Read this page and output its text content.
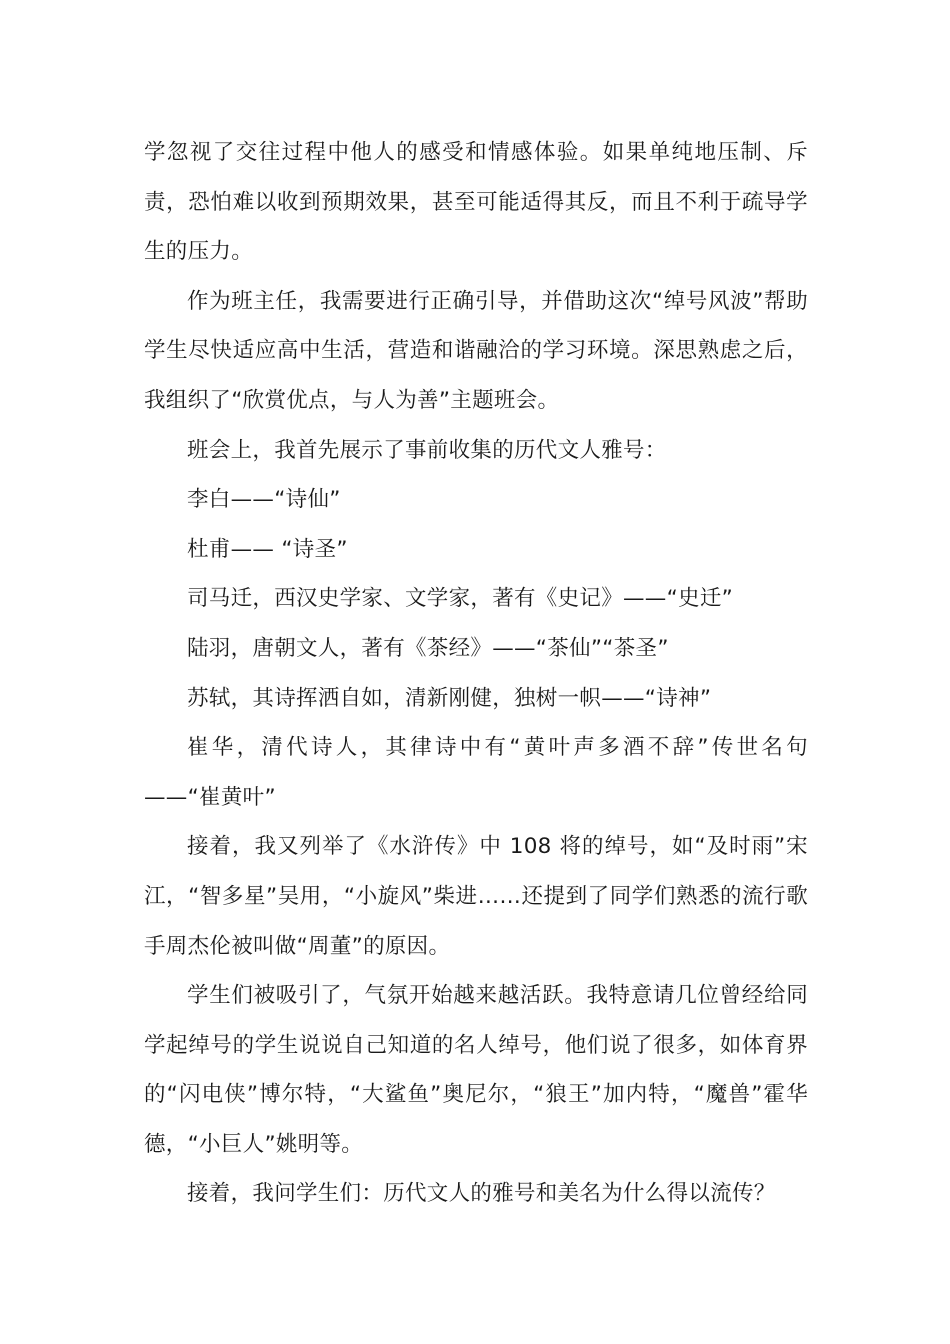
学忽视了交往过程中他人的感受和情感体验。如果单纯地压制、斥责，恐怕难以收到预期效果，甚至可能适得其反，而且不利于疏导学生的压力。

作为班主任，我需要进行正确引导，并借助这次“绰号风波”帮助学生尽快适应高中生活，营造和谐融洽的学习环境。深思熟虑之后，我组织了“欣赏优点，与人为善”主题班会。

班会上，我首先展示了事前收集的历代文人雅号：

李白——“诗仙”

杜甫—— “诗圣”

司马迁，西汉史学家、文学家，著有《史记》——“史迁”

陆羽，唐朝文人，著有《茶经》——“茶仙”“茶圣”

苏轼，其诗挥洒自如，清新刚健，独树一帜——“诗神”

崔华，清代诗人，其律诗中有“黄叶声多酒不辞”传世名句——“崔黄叶”

接着，我又列举了《水浒传》中 108 将的绰号，如“及时雨”宋江，“智多星”吴用，“小旋风”柴进……还提到了同学们熟悉的流行歌手周杰伦被叫做“周董”的原因。

学生们被吸引了，气氛开始越来越活跃。我特意请几位曾经给同学起绰号的学生说说自己知道的名人绰号，他们说了很多，如体育界的“闪电侠”博尔特，“大鲨鱼”奥尼尔，“狼王”加内特，“魔兽”霍华德，“小巨人”姚明等。

接着，我问学生们：历代文人的雅号和美名为什么得以流传？
